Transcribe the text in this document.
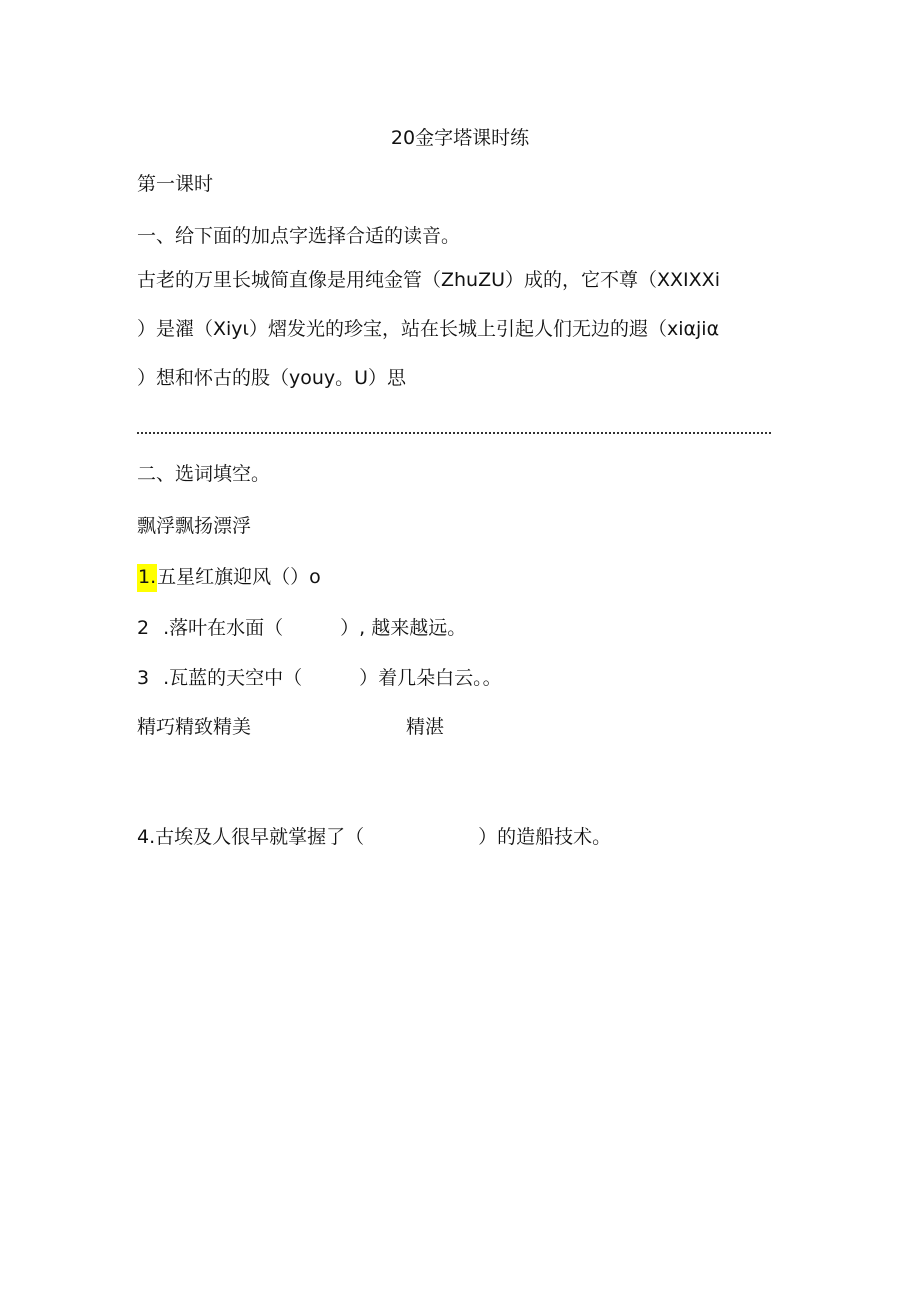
20金字塔课时练
第一课时
一、给下面的加点字选择合适的读音。
古老的万里长城简直像是用纯金管（ZhuZU）成的，它不尊（XXIXXi
）是濯（Xiyι）熠发光的珍宝，站在长城上引起人们无边的遐（xiαjiα
）想和怀古的股（youy。U）思
二、选词填空。
飘浮飘扬漂浮
1.五星红旗迎风（）o
2 .落叶在水面（　　　）, 越来越远。
3 .瓦蓝的天空中（　　　）着几朵白云。。
精巧精致精美	精湛
4.古埃及人很早就掌握了（　　　　　　）的造船技术。
